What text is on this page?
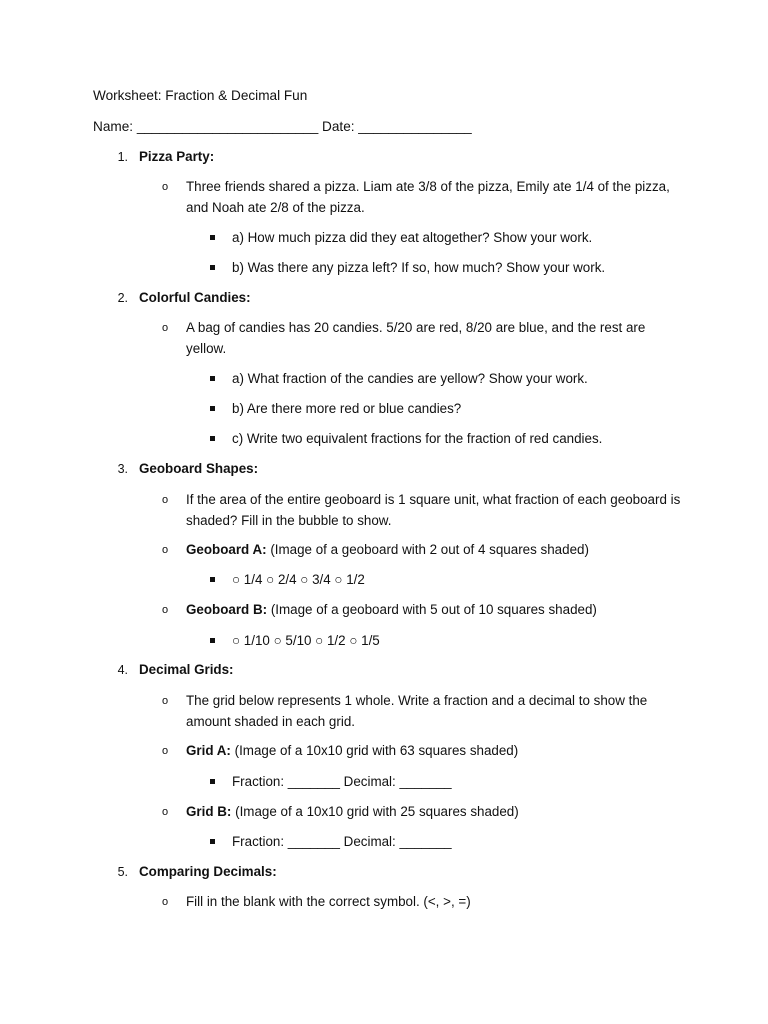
Worksheet: Fraction & Decimal Fun
Name: ________________________ Date: _______________
1. Pizza Party:
o Three friends shared a pizza. Liam ate 3/8 of the pizza, Emily ate 1/4 of the pizza, and Noah ate 2/8 of the pizza.
a) How much pizza did they eat altogether? Show your work.
b) Was there any pizza left? If so, how much? Show your work.
2. Colorful Candies:
o A bag of candies has 20 candies. 5/20 are red, 8/20 are blue, and the rest are yellow.
a) What fraction of the candies are yellow? Show your work.
b) Are there more red or blue candies?
c) Write two equivalent fractions for the fraction of red candies.
3. Geoboard Shapes:
o If the area of the entire geoboard is 1 square unit, what fraction of each geoboard is shaded? Fill in the bubble to show.
o Geoboard A: (Image of a geoboard with 2 out of 4 squares shaded)
○ 1/4 ○ 2/4 ○ 3/4 ○ 1/2
o Geoboard B: (Image of a geoboard with 5 out of 10 squares shaded)
○ 1/10 ○ 5/10 ○ 1/2 ○ 1/5
4. Decimal Grids:
o The grid below represents 1 whole. Write a fraction and a decimal to show the amount shaded in each grid.
o Grid A: (Image of a 10x10 grid with 63 squares shaded)
Fraction: _______ Decimal: _______
o Grid B: (Image of a 10x10 grid with 25 squares shaded)
Fraction: _______ Decimal: _______
5. Comparing Decimals:
o Fill in the blank with the correct symbol. (<, >, =)
